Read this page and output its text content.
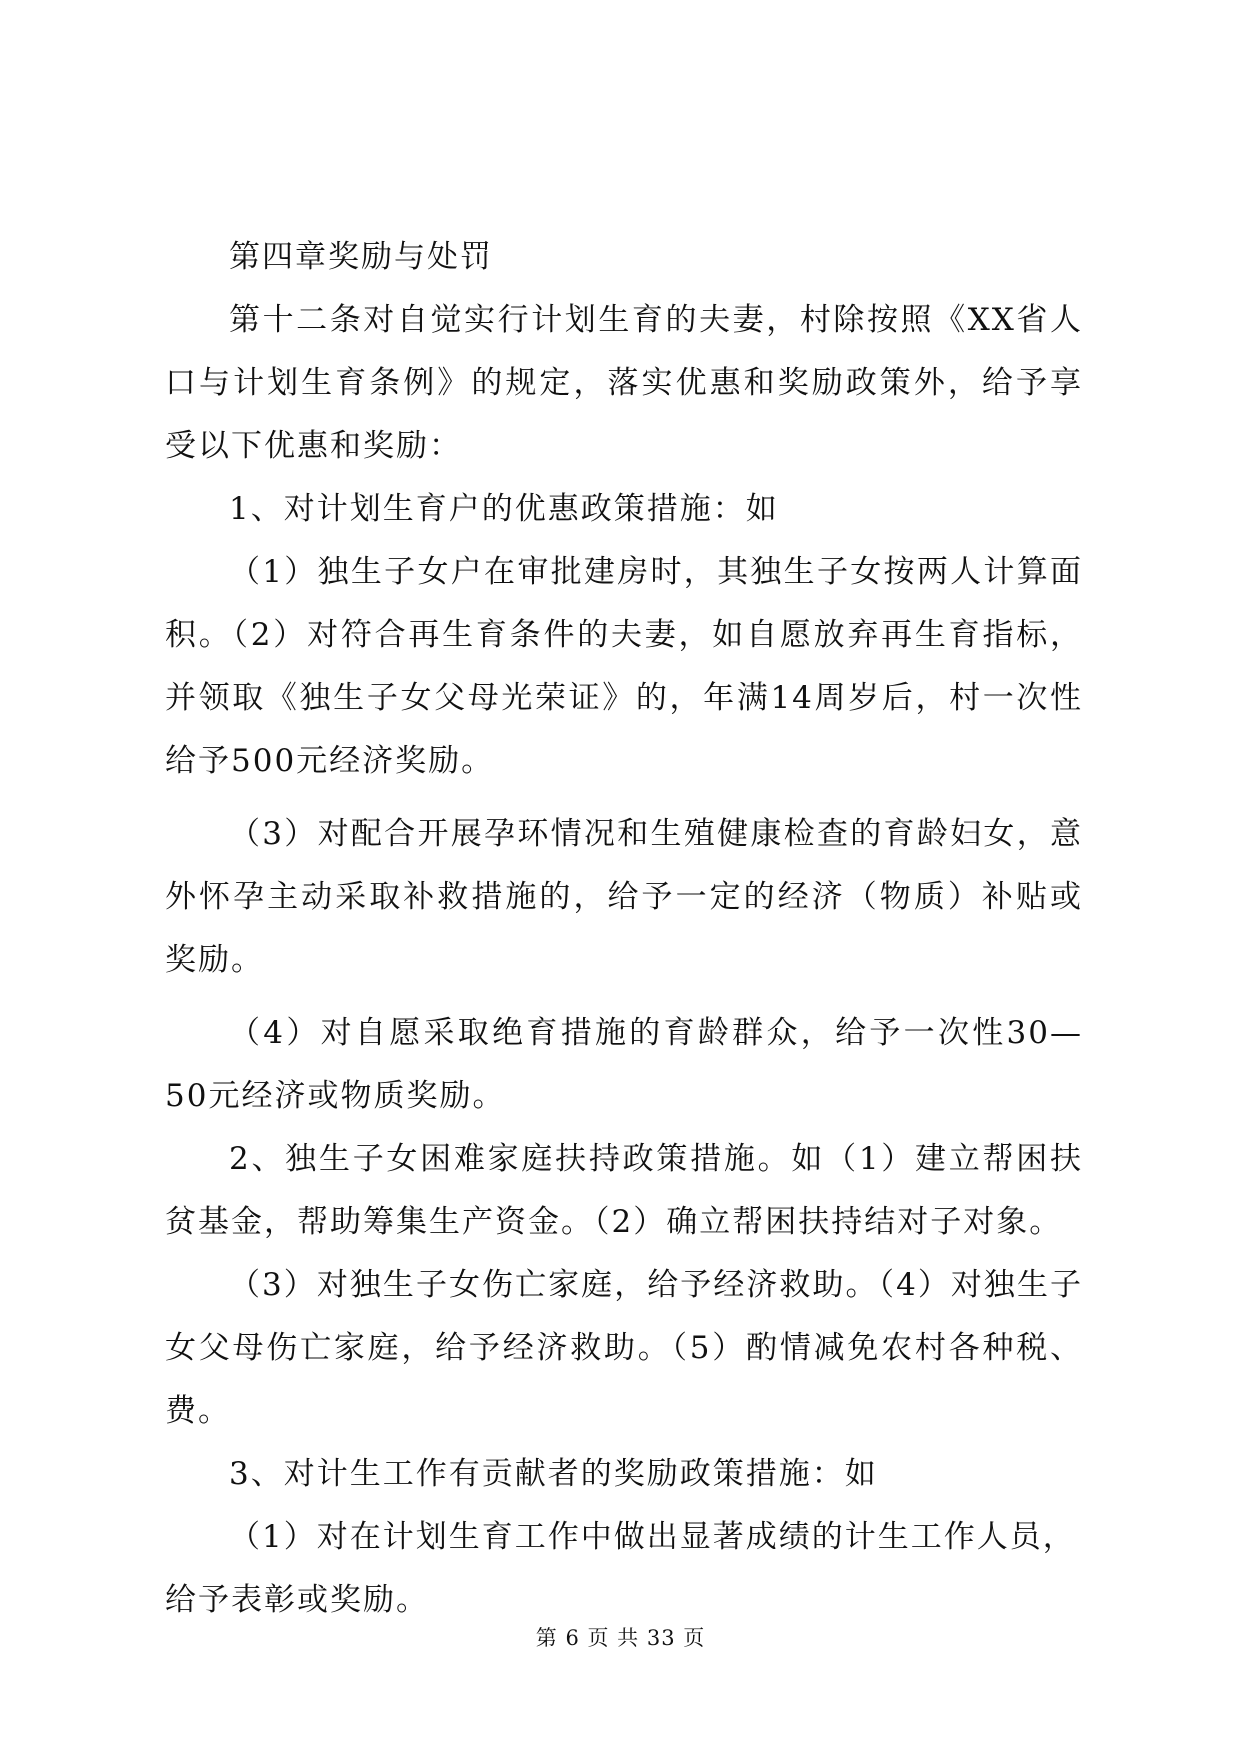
第四章奖励与处罚

第十二条对自觉实行计划生育的夫妻，村除按照《XX省人口与计划生育条例》的规定，落实优惠和奖励政策外，给予享受以下优惠和奖励：

1、对计划生育户的优惠政策措施：如

（1）独生子女户在审批建房时，其独生子女按两人计算面积。（2）对符合再生育条件的夫妻，如自愿放弃再生育指标，并领取《独生子女父母光荣证》的，年满14周岁后，村一次性给予500元经济奖励。

（3）对配合开展孕环情况和生殖健康检查的育龄妇女，意外怀孕主动采取补救措施的，给予一定的经济（物质）补贴或奖励。

（4）对自愿采取绝育措施的育龄群众，给予一次性30—50元经济或物质奖励。

2、独生子女困难家庭扶持政策措施。如（1）建立帮困扶贫基金，帮助筹集生产资金。（2）确立帮困扶持结对子对象。

（3）对独生子女伤亡家庭，给予经济救助。（4）对独生子女父母伤亡家庭，给予经济救助。（5）酌情减免农村各种税、费。

3、对计生工作有贡献者的奖励政策措施：如

（1）对在计划生育工作中做出显著成绩的计生工作人员，给予表彰或奖励。

第 6 页 共 33 页
